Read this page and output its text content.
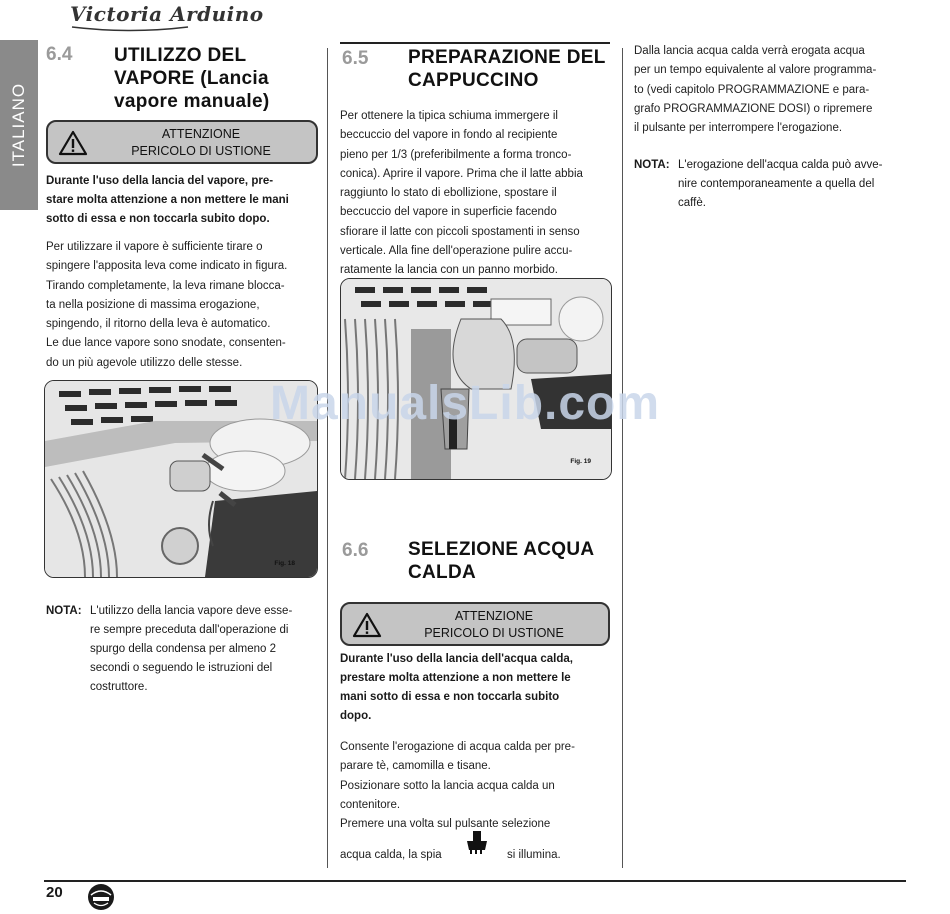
Victoria Arduino
ITALIANO
6.4 UTILIZZO DEL
VAPORE (Lancia
vapore manuale)
ATTENZIONE
PERICOLO DI USTIONE
Durante l'uso della lancia del vapore, pre-
stare molta attenzione a non mettere le mani
sotto di essa e non toccarla subito dopo.

Per utilizzare il vapore è sufficiente tirare o

spingere l'apposita leva come indicato in figura.

Tirando completamente, la leva rimane blocca-

ta nella posizione di massima erogazione,

spingendo, il ritorno della leva è automatico.

Le due lance vapore sono snodate, consenten-

do un più agevole utilizzo delle stesse.

Fig. 18
NOTA: L'utilizzo della lancia vapore deve esse-
re sempre preceduta dall'operazione di
spurgo della condensa per almeno 2
secondi o seguendo le istruzioni del
costruttore.
6.5 PREPARAZIONE DEL
CAPPUCCINO

Per ottenere la tipica schiuma immergere il

beccuccio del vapore in fondo al recipiente

pieno per 1/3 (preferibilmente a forma tronco-

conica). Aprire il vapore. Prima che il latte abbia

raggiunto lo stato di ebollizione, spostare il

beccuccio del vapore in superficie facendo

sfiorare il latte con piccoli spostamenti in senso

verticale. Alla fine dell'operazione pulire accu-

ratamente la lancia con un panno morbido.

Fig. 19
6.6 SELEZIONE ACQUA
CALDA
ATTENZIONE
PERICOLO DI USTIONE
Durante l'uso della lancia dell'acqua calda,
prestare molta attenzione a non mettere le
mani sotto di essa e non toccarla subito
dopo.

Consente l'erogazione di acqua calda per pre-

parare tè, camomilla e tisane.

Posizionare sotto la lancia acqua calda un

contenitore.

Premere una volta sul pulsante selezione

acqua calda, la spia	si illumina.

Dalla lancia acqua calda verrà erogata acqua

per un tempo equivalente al valore programma-

to (vedi capitolo PROGRAMMAZIONE e para-

grafo PROGRAMMAZIONE DOSI) o ripremere

il pulsante per interrompere l'erogazione.

NOTA: L'erogazione dell'acqua calda può avve-
nire contemporaneamente a quella del
caffè.
ManualsLib.com
20
